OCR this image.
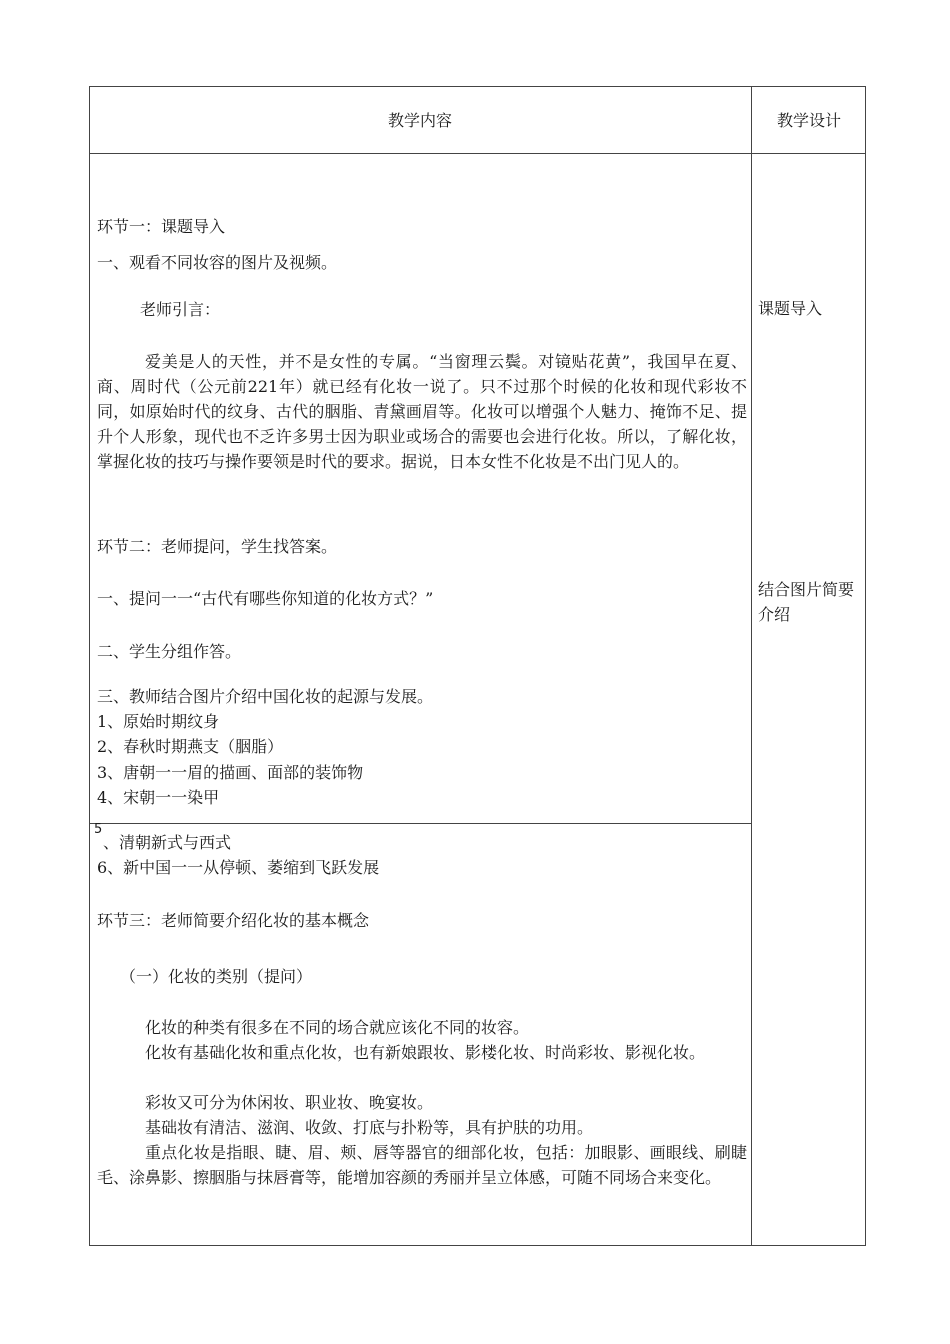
教学内容	教学设计
课题导入
结合图片简要介绍
环节一：课题导入
一、观看不同妆容的图片及视频。
老师引言：
爱美是人的天性，并不是女性的专属。“当窗理云鬓。对镜贴花黄”，我国早在夏、商、周时代（公元前221年）就已经有化妆一说了。只不过那个时候的化妆和现代彩妆不同，如原始时代的纹身、古代的胭脂、青黛画眉等。化妆可以增强个人魅力、掩饰不足、提升个人形象，现代也不乏许多男士因为职业或场合的需要也会进行化妆。所以，了解化妆，掌握化妆的技巧与操作要领是时代的要求。据说，日本女性不化妆是不出门见人的。
环节二：老师提问，学生找答案。
一、提问一一“古代有哪些你知道的化妆方式？”
二、学生分组作答。
三、教师结合图片介绍中国化妆的起源与发展。
1、原始时期纹身
2、春秋时期燕支（胭脂）
3、唐朝一一眉的描画、面部的装饰物
4、宋朝一一染甲
5
、清朝新式与西式
6、新中国一一从停顿、萎缩到飞跃发展
环节三：老师简要介绍化妆的基本概念
（一）化妆的类别（提问）
化妆的种类有很多在不同的场合就应该化不同的妆容。
化妆有基础化妆和重点化妆，也有新娘跟妆、影楼化妆、时尚彩妆、影视化妆。
彩妆又可分为休闲妆、职业妆、晚宴妆。
基础妆有清洁、滋润、收敛、打底与扑粉等，具有护肤的功用。
重点化妆是指眼、睫、眉、颊、唇等器官的细部化妆，包括：加眼影、画眼线、刷睫毛、涂鼻影、擦胭脂与抹唇膏等，能增加容颜的秀丽并呈立体感，可随不同场合来变化。
